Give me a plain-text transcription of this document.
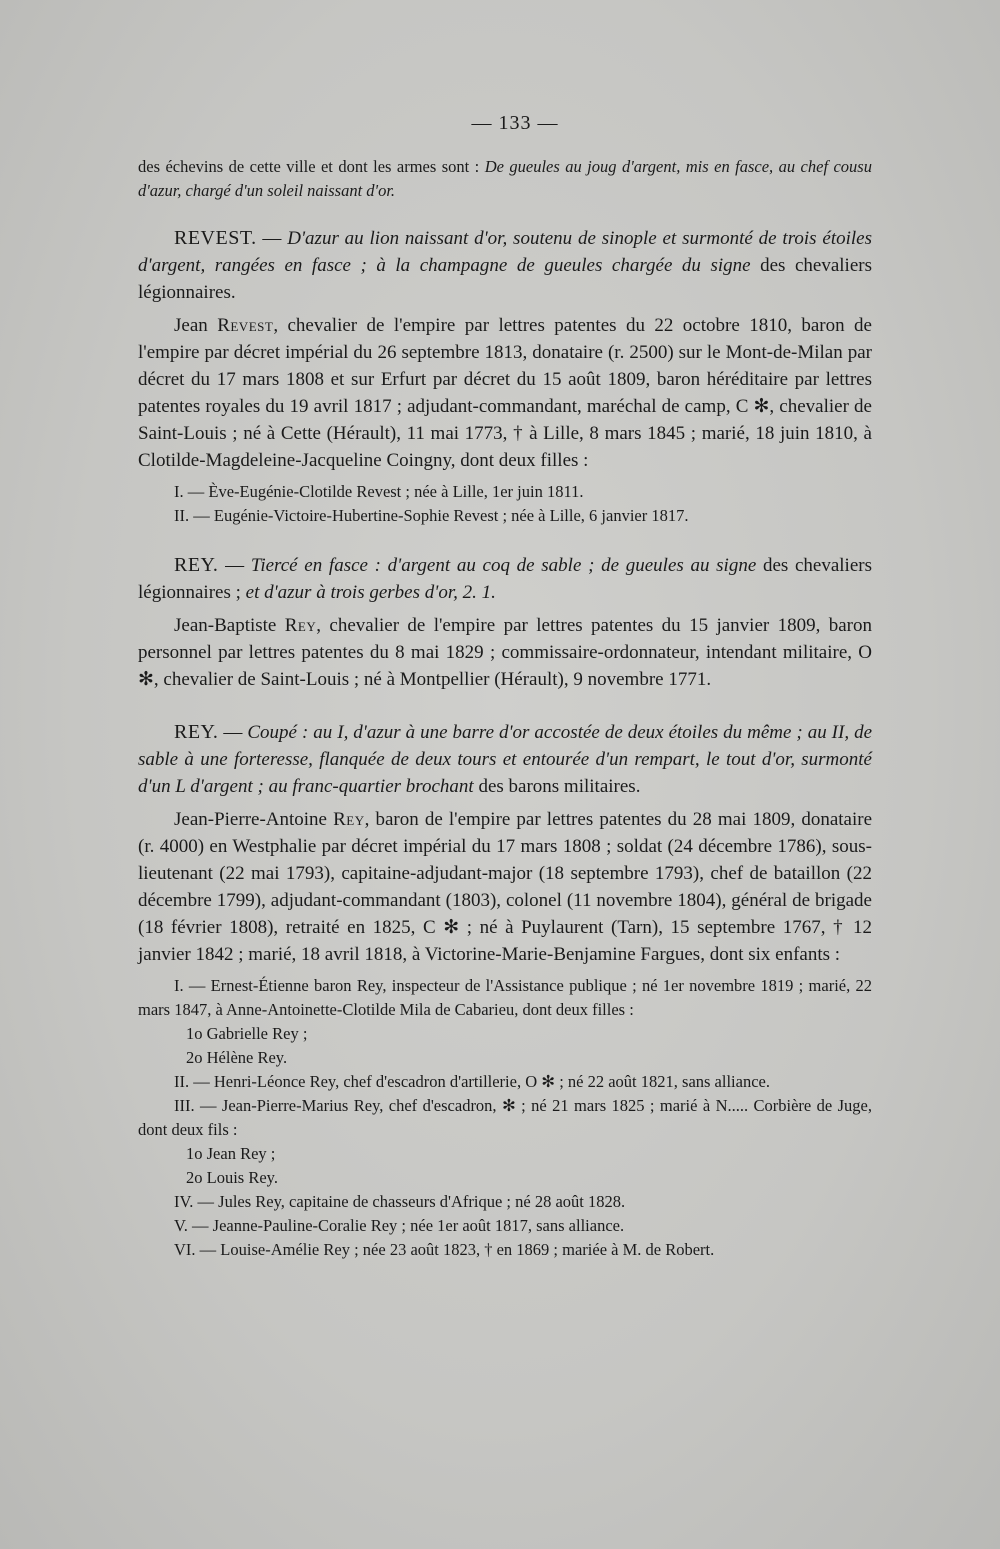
— 133 —

des échevins de cette ville et dont les armes sont : De gueules au joug d'argent, mis en fasce, au chef cousu d'azur, chargé d'un soleil naissant d'or.

REVEST. — D'azur au lion naissant d'or, soutenu de sinople et surmonté de trois étoiles d'argent, rangées en fasce ; à la champagne de gueules chargée du signe des chevaliers légionnaires.

Jean Revest, chevalier de l'empire par lettres patentes du 22 octobre 1810, baron de l'empire par décret impérial du 26 septembre 1813, donataire (r. 2500) sur le Mont-de-Milan par décret du 17 mars 1808 et sur Erfurt par décret du 15 août 1809, baron héréditaire par lettres patentes royales du 19 avril 1817 ; adjudant-commandant, maréchal de camp, C ✻, chevalier de Saint-Louis ; né à Cette (Hérault), 11 mai 1773, † à Lille, 8 mars 1845 ; marié, 18 juin 1810, à Clotilde-Magdeleine-Jacqueline Coingny, dont deux filles :

I. — Ève-Eugénie-Clotilde Revest ; née à Lille, 1er juin 1811.

II. — Eugénie-Victoire-Hubertine-Sophie Revest ; née à Lille, 6 janvier 1817.

REY. — Tiercé en fasce : d'argent au coq de sable ; de gueules au signe des chevaliers légionnaires ; et d'azur à trois gerbes d'or, 2. 1.

Jean-Baptiste Rey, chevalier de l'empire par lettres patentes du 15 janvier 1809, baron personnel par lettres patentes du 8 mai 1829 ; commissaire-ordonnateur, intendant militaire, O ✻, chevalier de Saint-Louis ; né à Montpellier (Hérault), 9 novembre 1771.

REY. — Coupé : au I, d'azur à une barre d'or accostée de deux étoiles du même ; au II, de sable à une forteresse, flanquée de deux tours et entourée d'un rempart, le tout d'or, surmonté d'un L d'argent ; au franc-quartier brochant des barons militaires.

Jean-Pierre-Antoine Rey, baron de l'empire par lettres patentes du 28 mai 1809, donataire (r. 4000) en Westphalie par décret impérial du 17 mars 1808 ; soldat (24 décembre 1786), sous-lieutenant (22 mai 1793), capitaine-adjudant-major (18 septembre 1793), chef de bataillon (22 décembre 1799), adjudant-commandant (1803), colonel (11 novembre 1804), général de brigade (18 février 1808), retraité en 1825, C ✻ ; né à Puylaurent (Tarn), 15 septembre 1767, † 12 janvier 1842 ; marié, 18 avril 1818, à Victorine-Marie-Benjamine Fargues, dont six enfants :

I. — Ernest-Étienne baron Rey, inspecteur de l'Assistance publique ; né 1er novembre 1819 ; marié, 22 mars 1847, à Anne-Antoinette-Clotilde Mila de Cabarieu, dont deux filles :

1o Gabrielle Rey ;

2o Hélène Rey.

II. — Henri-Léonce Rey, chef d'escadron d'artillerie, O ✻ ; né 22 août 1821, sans alliance.

III. — Jean-Pierre-Marius Rey, chef d'escadron, ✻ ; né 21 mars 1825 ; marié à N..... Corbière de Juge, dont deux fils :

1o Jean Rey ;

2o Louis Rey.

IV. — Jules Rey, capitaine de chasseurs d'Afrique ; né 28 août 1828.

V. — Jeanne-Pauline-Coralie Rey ; née 1er août 1817, sans alliance.

VI. — Louise-Amélie Rey ; née 23 août 1823, † en 1869 ; mariée à M. de Robert.
